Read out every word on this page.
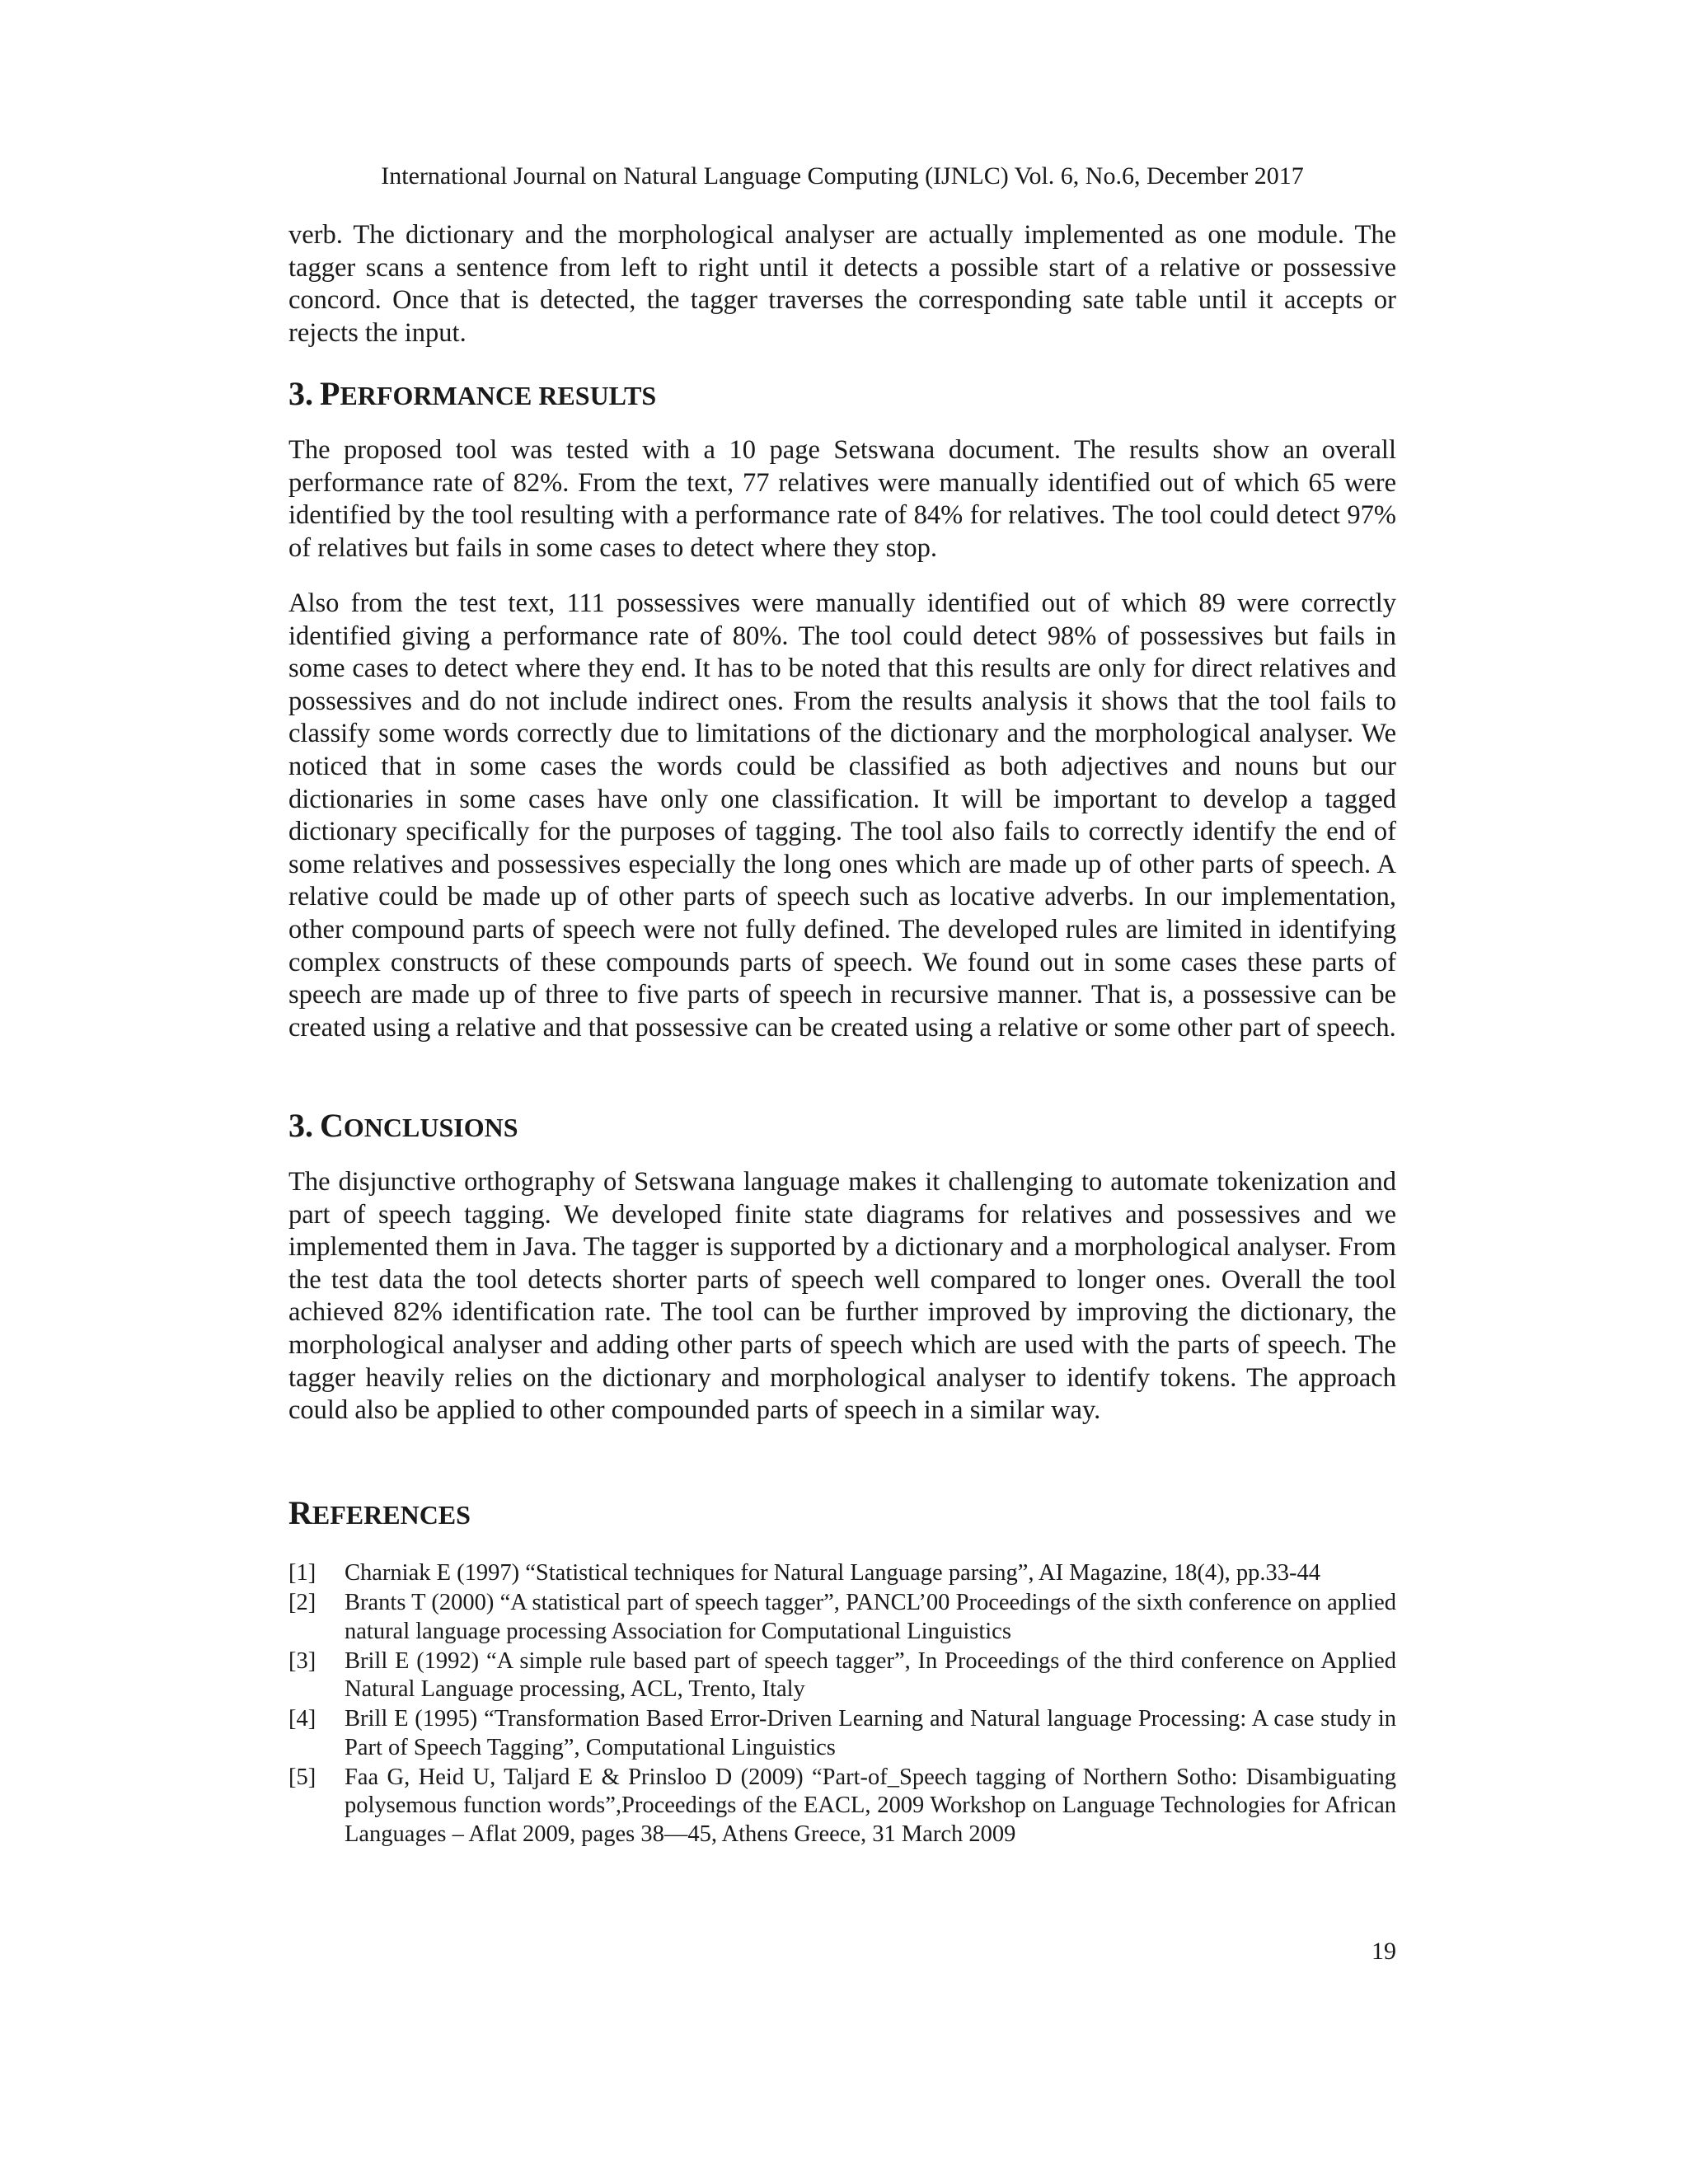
International Journal on Natural Language Computing (IJNLC) Vol. 6, No.6, December 2017

verb. The dictionary and the morphological analyser are actually implemented as one module. The tagger scans a sentence from left to right until it detects a possible start of a relative or possessive concord. Once that is detected, the tagger traverses the corresponding sate table until it accepts or rejects the input.

3. PERFORMANCE RESULTS

The proposed tool was tested with a 10 page Setswana document. The results show an overall performance rate of 82%. From the text, 77 relatives were manually identified out of which 65 were identified by the tool resulting with a performance rate of 84% for relatives. The tool could detect 97% of relatives but fails in some cases to detect where they stop.

Also from the test text, 111 possessives were manually identified out of which 89 were correctly identified giving a performance rate of 80%. The tool could detect 98% of possessives but fails in some cases to detect where they end. It has to be noted that this results are only for direct relatives and possessives and do not include indirect ones. From the results analysis it shows that the tool fails to classify some words correctly due to limitations of the dictionary and the morphological analyser. We noticed that in some cases the words could be classified as both adjectives and nouns but our dictionaries in some cases have only one classification. It will be important to develop a tagged dictionary specifically for the purposes of tagging. The tool also fails to correctly identify the end of some relatives and possessives especially the long ones which are made up of other parts of speech. A relative could be made up of other parts of speech such as locative adverbs. In our implementation, other compound parts of speech were not fully defined. The developed rules are limited in identifying complex constructs of these compounds parts of speech. We found out in some cases these parts of speech are made up of three to five parts of speech in recursive manner. That is, a possessive can be created using a relative and that possessive can be created using a relative or some other part of speech.

3. CONCLUSIONS

The disjunctive orthography of Setswana language makes it challenging to automate tokenization and part of speech tagging. We developed finite state diagrams for relatives and possessives and we implemented them in Java. The tagger is supported by a dictionary and a morphological analyser. From the test data the tool detects shorter parts of speech well compared to longer ones. Overall the tool achieved 82% identification rate. The tool can be further improved by improving the dictionary, the morphological analyser and adding other parts of speech which are used with the parts of speech. The tagger heavily relies on the dictionary and morphological analyser to identify tokens. The approach could also be applied to other compounded parts of speech in a similar way.

REFERENCES
[1] Charniak E (1997) “Statistical techniques for Natural Language parsing”, AI Magazine, 18(4), pp.33-44
[2] Brants T (2000) “A statistical part of speech tagger”, PANCL’00 Proceedings of the sixth conference on applied natural language processing Association for Computational Linguistics
[3] Brill E (1992) “A simple rule based part of speech tagger”, In Proceedings of the third conference on Applied Natural Language processing, ACL, Trento, Italy
[4]	Brill E (1995) “Transformation Based Error-Driven Learning and Natural language Processing: A case study in Part of Speech Tagging”, Computational Linguistics
[5] Faa G, Heid U, Taljard E & Prinsloo D (2009) “Part-of_Speech tagging of Northern Sotho: Disambiguating polysemous function words”,Proceedings of the EACL, 2009 Workshop on Language Technologies for African Languages – Aflat 2009, pages 38—45, Athens Greece, 31 March 2009
19
